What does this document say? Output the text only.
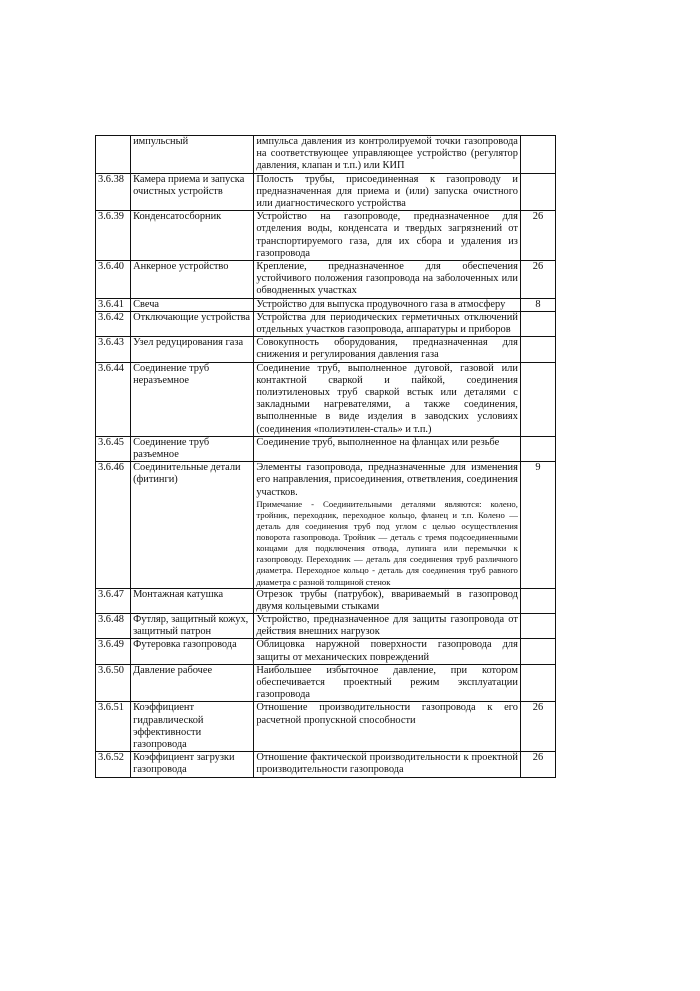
	импульсный	импульса давления из контролируемой точки газопровода на соответствующее управляющее устройство (регулятор давления, клапан и т.п.) или КИП	
3.6.38	Камера приема и запуска очистных устройств	Полость трубы, присоединенная к газопроводу и предназначенная для приема и (или) запуска очистного или диагностического устройства	
3.6.39	Конденсатосборник	Устройство на газопроводе, предназначенное для отделения воды, конденсата и твердых загрязнений от транспортируемого газа, для их сбора и удаления из газопровода	26
3.6.40	Анкерное устройство	Крепление, предназначенное для обеспечения устойчивого положения газопровода на заболоченных или обводненных участках	26
3.6.41	Свеча	Устройство для выпуска продувочного газа в атмосферу	8
3.6.42	Отключающие устройства	Устройства для периодических герметичных отключений отдельных участков газопровода, аппаратуры и приборов	
3.6.43	Узел редуцирования газа	Совокупность оборудования, предназначенная для снижения и регулирования давления газа	
3.6.44	Соединение труб неразъемное	Соединение труб, выполненное дуговой, газовой или контактной сваркой и пайкой, соединения полиэтиленовых труб сваркой встык или деталями с закладными нагревателями, а также соединения, выполненные в виде изделия в заводских условиях (соединения «полиэтилен-сталь» и т.п.)	
3.6.45	Соединение труб разъемное	Соединение труб, выполненное на фланцах или резьбе	
3.6.46	Соединительные детали (фитинги)	Элементы газопровода, предназначенные для изменения его направления, присоединения, ответвления, соединения участков.
Примечание - Соединительными деталями являются: колено, тройник, переходник, переходное кольцо, фланец и т.п. Колено — деталь для соединения труб под углом с целью осуществления поворота газопровода. Тройник — деталь с тремя подсоединенными концами для подключения отвода, лупинга или перемычки к газопроводу. Переходник — деталь для соединения труб различного диаметра. Переходное кольцо - деталь для соединения труб равного диаметра с разной толщиной стенок	9
3.6.47	Монтажная катушка	Отрезок трубы (патрубок), ввариваемый в газопровод двумя кольцевыми стыками	
3.6.48	Футляр, защитный кожух, защитный патрон	Устройство, предназначенное для защиты газопровода от действия внешних нагрузок	
3.6.49	Футеровка газопровода	Облицовка наружной поверхности газопровода для защиты от механических повреждений	
3.6.50	Давление рабочее	Наибольшее избыточное давление, при котором обеспечивается проектный режим эксплуатации газопровода	
3.6.51	Коэффициент гидравлической эффективности газопровода	Отношение производительности газопровода к его расчетной пропускной способности	26
3.6.52	Коэффициент загрузки газопровода	Отношение фактической производительности к проектной производительности газопровода	26
